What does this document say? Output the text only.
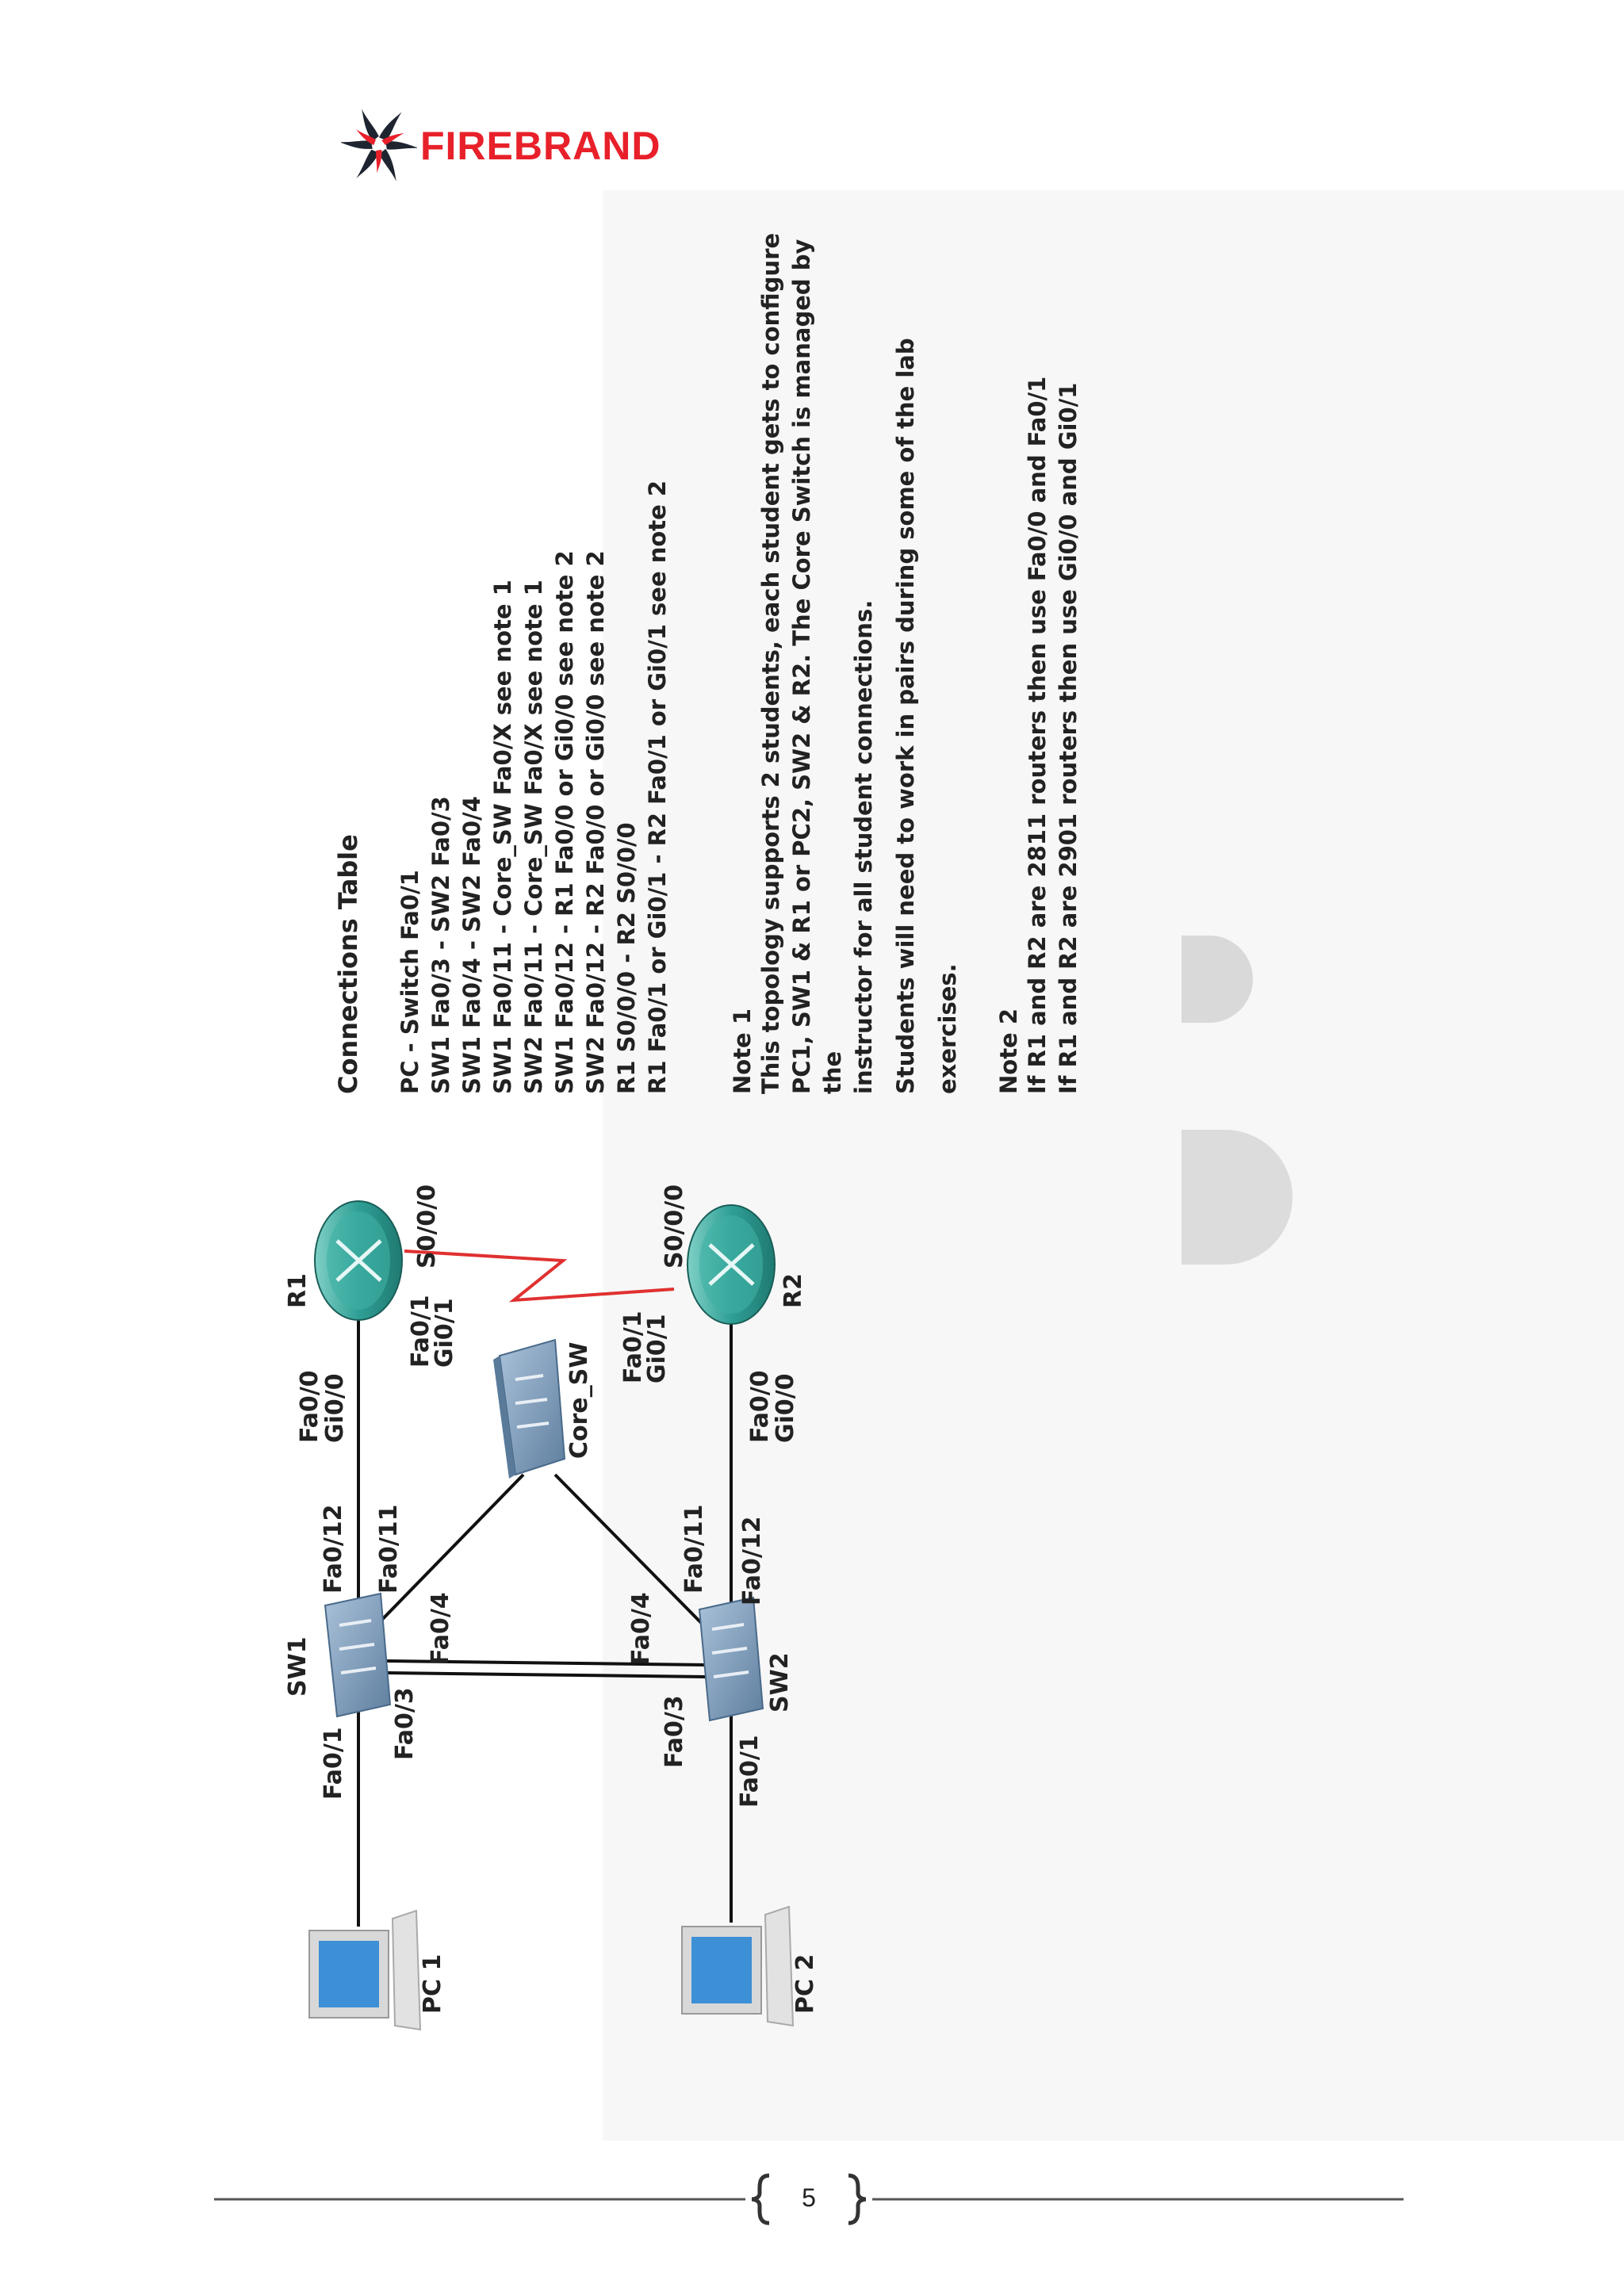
FIREBRAND
Connections Table PC - Switch Fa0/1 SW1 Fa0/3 - SW2 Fa0/3 SW1 Fa0/4 - SW2 Fa0/4 SW1 Fa0/11 - Core_SW Fa0/X see note 1 SW2 Fa0/11 - Core_SW Fa0/X see note 1 SW1 Fa0/12 - R1 Fa0/0 or Gi0/0 see note 2 SW2 Fa0/12 - R2 Fa0/0 or Gi0/0 see note 2 R1 S0/0/0 - R2 S0/0/0 R1 Fa0/1 or Gi0/1 - R2 Fa0/1 or Gi0/1 see note 2	Note 1 This topology supports 2 students, each student gets to configure PC1, SW1 & R1 or PC2, SW2 & R2. The Core Switch is managed by the instructor for all student connections. Students will need to work in pairs during some of the lab exercises. Note 2 If R1 and R2 are 2811 routers then use Fa0/0 and Fa0/1 If R1 and R2 are 2901 routers then use Gi0/0 and Gi0/1
R1
S0/0/0
Fa0/0
Gi0/0
Fa0/1
Gi0/1
R2
S0/0/0
Fa0/1
Gi0/1
Fa0/0
Gi0/0
Core_SW
Fa0/12 Fa0/11
Fa0/4
SW1
Fa0/3
Fa0/1
Fa0/11 Fa0/12
Fa0/4
SW2
Fa0/3
Fa0/1
PC 1	PC 2
5
